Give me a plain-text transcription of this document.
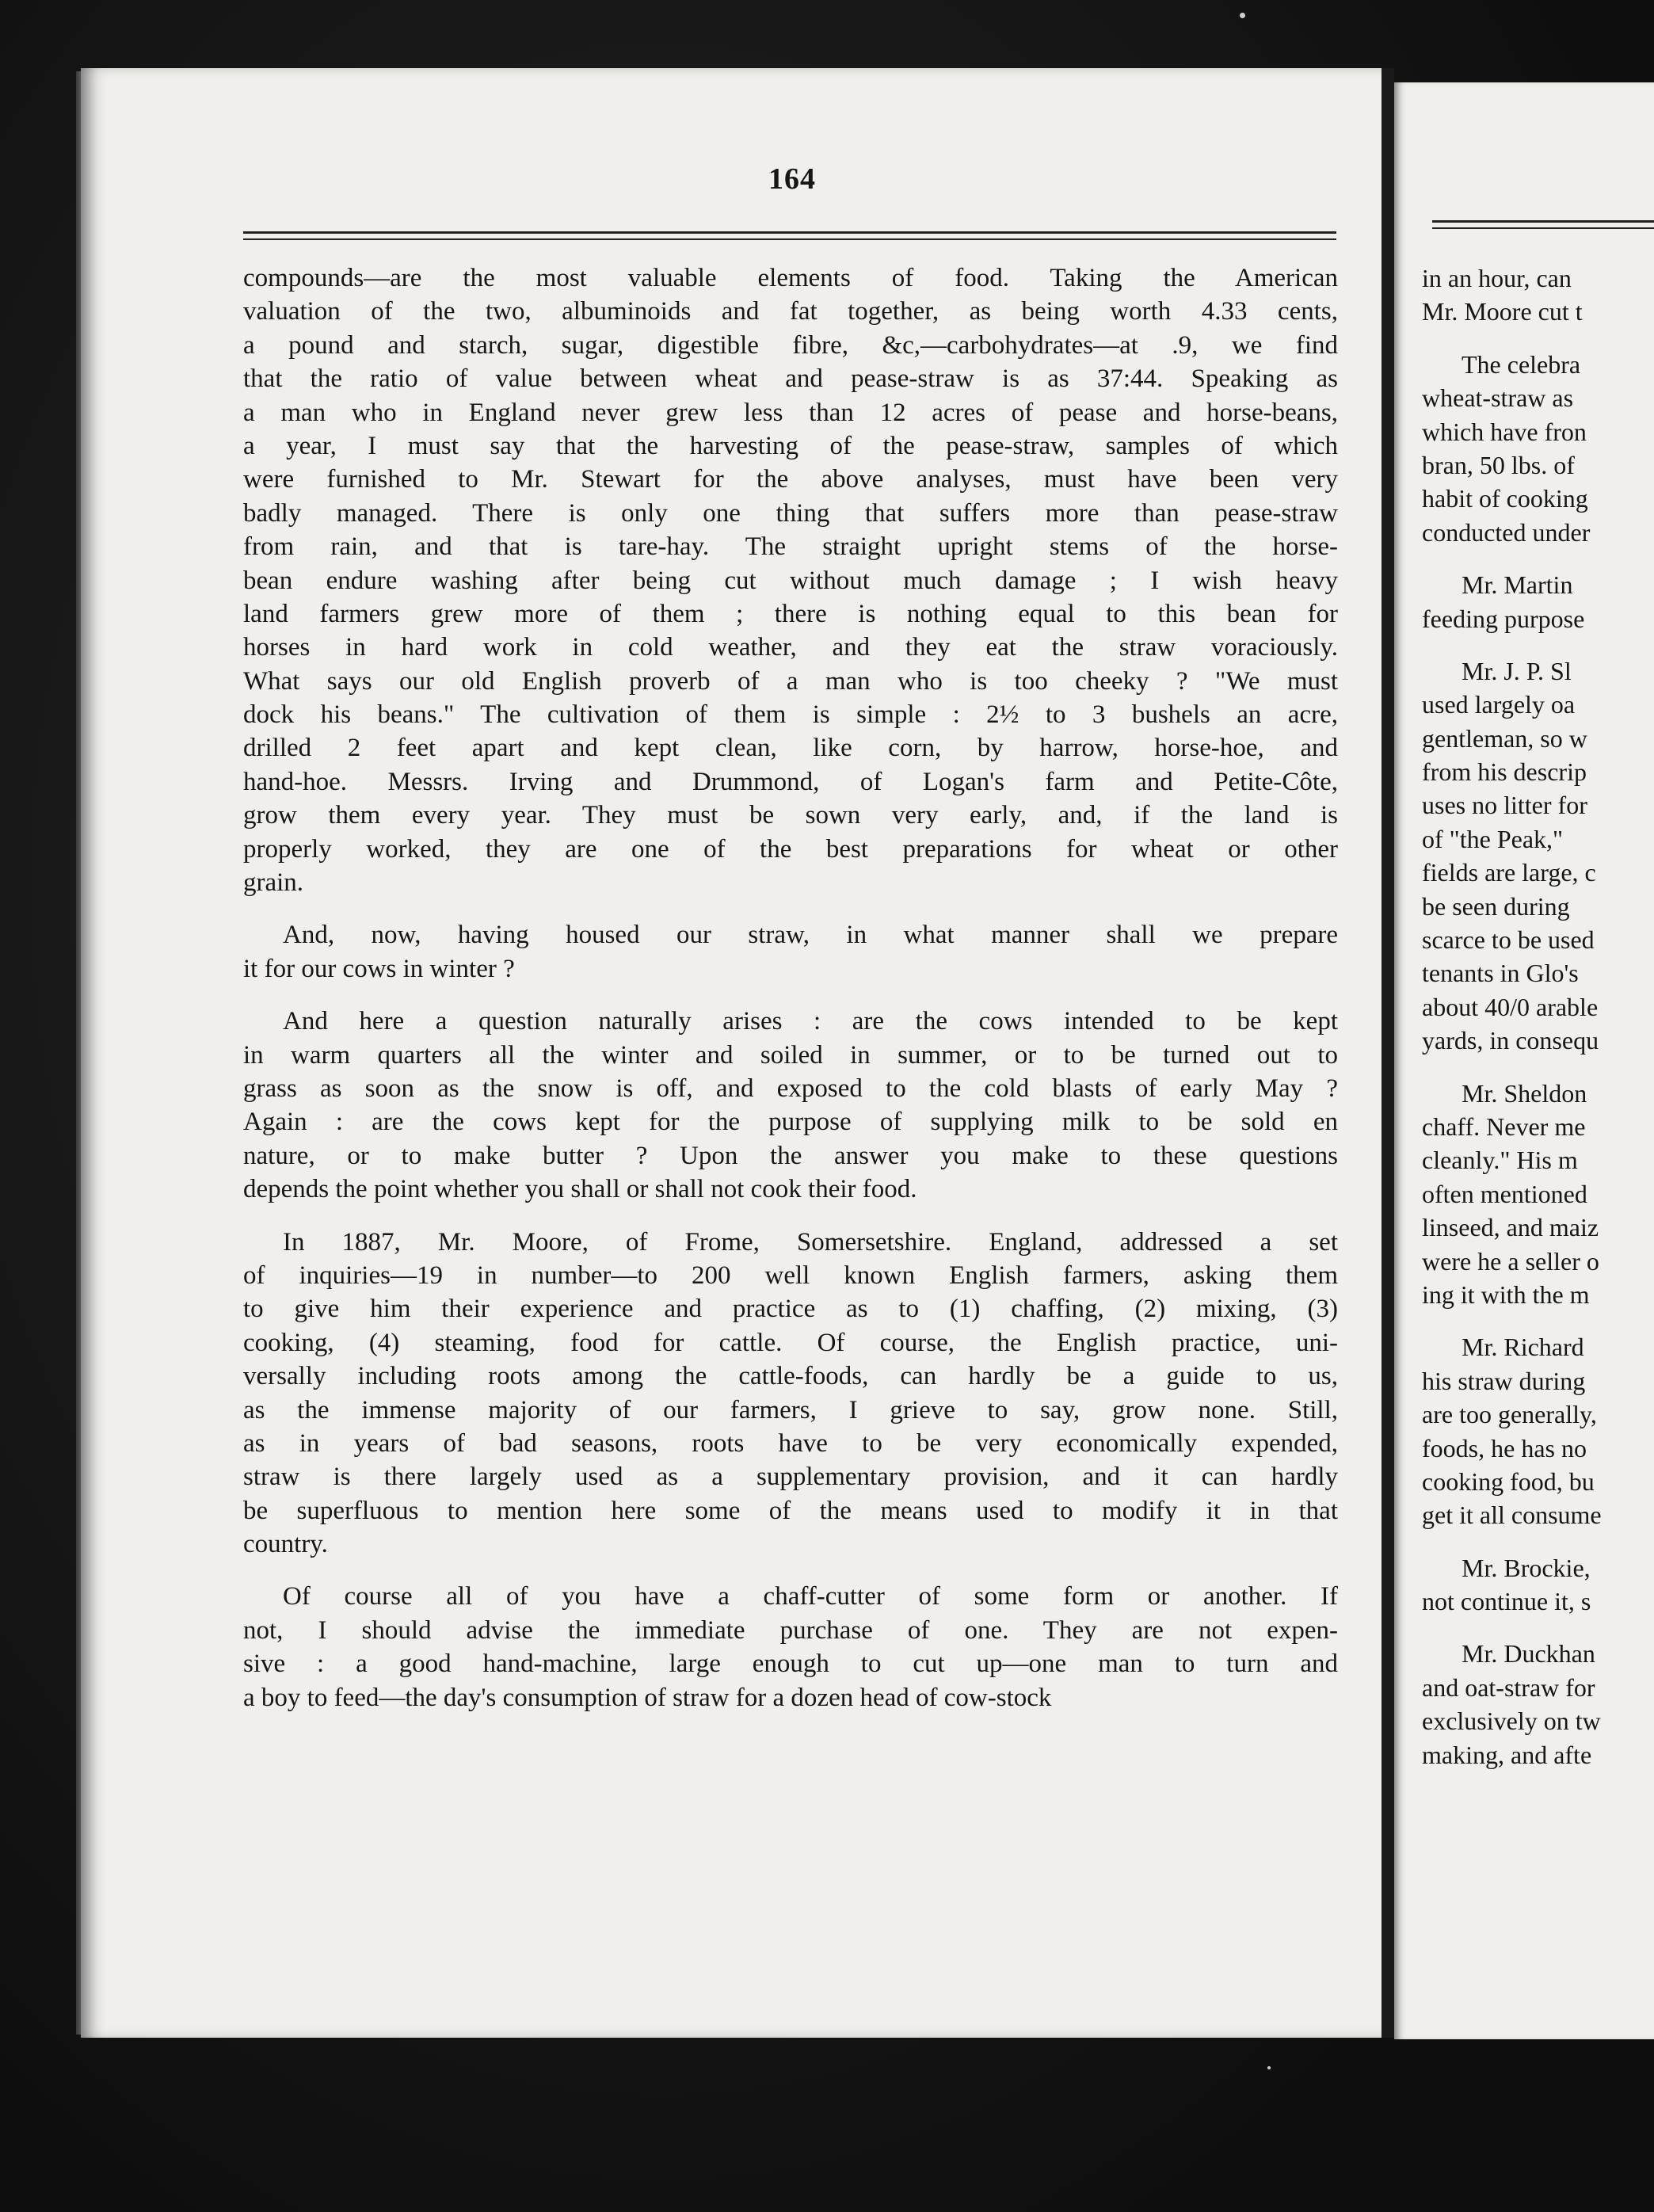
164
compounds—are the most valuable elements of food. Taking the American
valuation of the two, albuminoids and fat together, as being worth 4.33 cents,
a pound and starch, sugar, digestible fibre, &c,—carbohydrates—at .9, we find
that the ratio of value between wheat and pease-straw is as 37:44. Speaking as
a man who in England never grew less than 12 acres of pease and horse-beans,
a year, I must say that the harvesting of the pease-straw, samples of which
were furnished to Mr. Stewart for the above analyses, must have been very
badly managed. There is only one thing that suffers more than pease-straw
from rain, and that is tare-hay. The straight upright stems of the horse-
bean endure washing after being cut without much damage ; I wish heavy
land farmers grew more of them ; there is nothing equal to this bean for
horses in hard work in cold weather, and they eat the straw voraciously.
What says our old English proverb of a man who is too cheeky ? "We must
dock his beans." The cultivation of them is simple : 2½ to 3 bushels an acre,
drilled 2 feet apart and kept clean, like corn, by harrow, horse-hoe, and
hand-hoe. Messrs. Irving and Drummond, of Logan's farm and Petite-Côte,
grow them every year. They must be sown very early, and, if the land is
properly worked, they are one of the best preparations for wheat or other
grain.
And, now, having housed our straw, in what manner shall we prepare
it for our cows in winter ?
And here a question naturally arises : are the cows intended to be kept
in warm quarters all the winter and soiled in summer, or to be turned out to
grass as soon as the snow is off, and exposed to the cold blasts of early May ?
Again : are the cows kept for the purpose of supplying milk to be sold en
nature, or to make butter ? Upon the answer you make to these questions
depends the point whether you shall or shall not cook their food.
In 1887, Mr. Moore, of Frome, Somersetshire. England, addressed a set
of inquiries—19 in number—to 200 well known English farmers, asking them
to give him their experience and practice as to (1) chaffing, (2) mixing, (3)
cooking, (4) steaming, food for cattle. Of course, the English practice, uni-
versally including roots among the cattle-foods, can hardly be a guide to us,
as the immense majority of our farmers, I grieve to say, grow none. Still,
as in years of bad seasons, roots have to be very economically expended,
straw is there largely used as a supplementary provision, and it can hardly
be superfluous to mention here some of the means used to modify it in that
country.
Of course all of you have a chaff-cutter of some form or another. If
not, I should advise the immediate purchase of one. They are not expen-
sive : a good hand-machine, large enough to cut up—one man to turn and
a boy to feed—the day's consumption of straw for a dozen head of cow-stock
in an hour, can
Mr. Moore cut t
The celebra
wheat-straw as
which have fron
bran, 50 lbs. of
habit of cooking
conducted under
Mr. Martin
feeding purpose
Mr. J. P. Sl
used largely oa
gentleman, so w
from his descrip
uses no litter for
of "the Peak,"
fields are large, c
be seen during
scarce to be used
tenants in Glo's
about 40/0 arable
yards, in consequ
Mr. Sheldon
chaff. Never me
cleanly." His m
often mentioned
linseed, and maiz
were he a seller o
ing it with the m
Mr. Richard
his straw during
are too generally,
foods, he has no
cooking food, bu
get it all consume
Mr. Brockie,
not continue it, s
Mr. Duckhan
and oat-straw for
exclusively on tw
making, and afte
